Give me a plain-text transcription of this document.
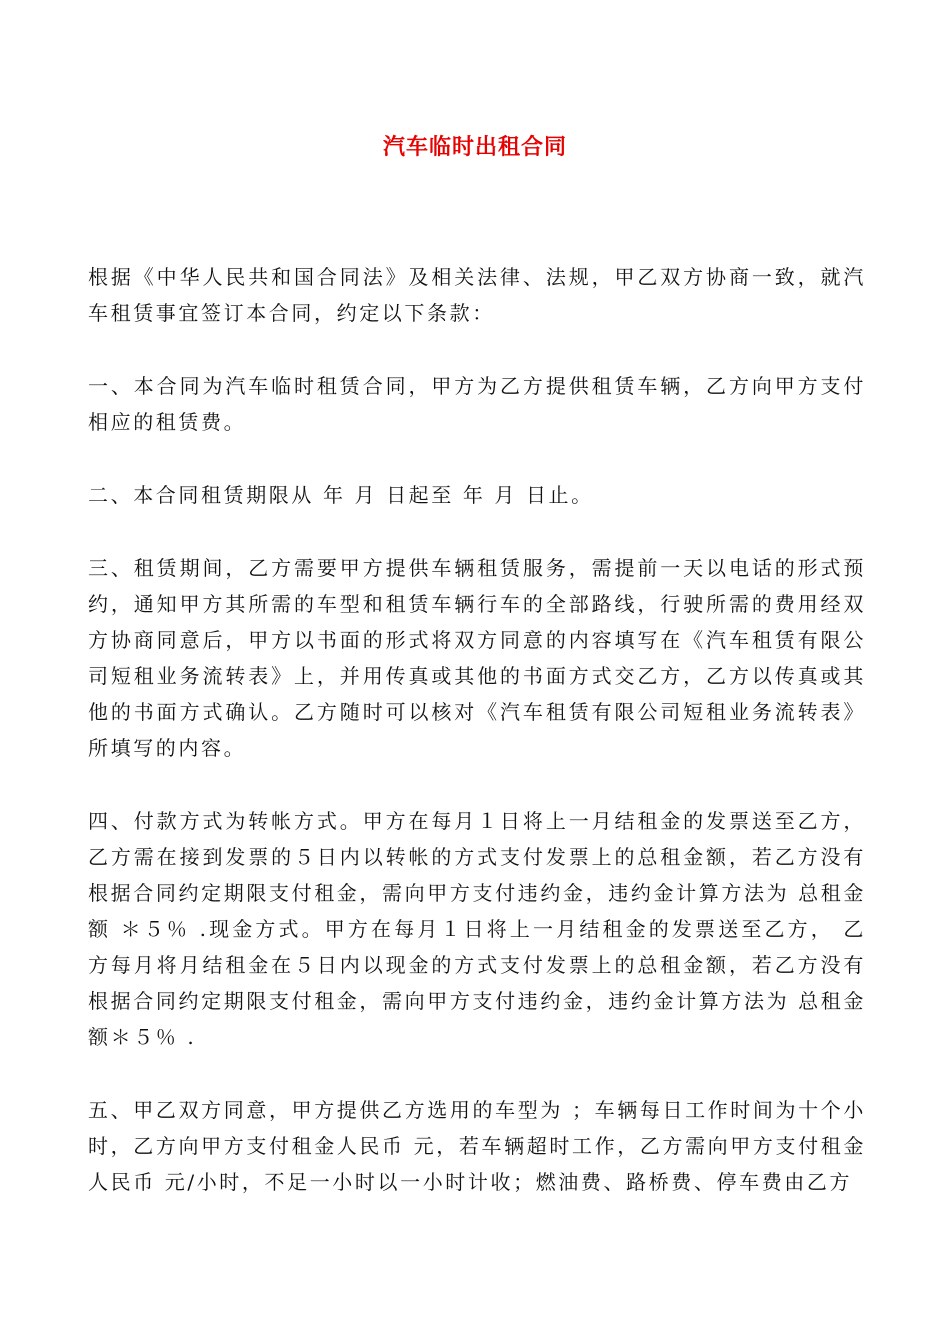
汽车临时出租合同

根据《中华人民共和国合同法》及相关法律、法规，甲乙双方协商一致，就汽车租赁事宜签订本合同，约定以下条款：

一、本合同为汽车临时租赁合同，甲方为乙方提供租赁车辆，乙方向甲方支付相应的租赁费。

二、本合同租赁期限从 年 月 日起至 年 月 日止。

三、租赁期间，乙方需要甲方提供车辆租赁服务，需提前一天以电话的形式预约，通知甲方其所需的车型和租赁车辆行车的全部路线，行驶所需的费用经双方协商同意后，甲方以书面的形式将双方同意的内容填写在《汽车租赁有限公司短租业务流转表》上，并用传真或其他的书面方式交乙方，乙方以传真或其他的书面方式确认。乙方随时可以核对《汽车租赁有限公司短租业务流转表》所填写的内容。

四、付款方式为转帐方式。甲方在每月１日将上一月结租金的发票送至乙方，乙方需在接到发票的５日内以转帐的方式支付发票上的总租金额，若乙方没有根据合同约定期限支付租金，需向甲方支付违约金，违约金计算方法为 总租金额 ＊５％ .现金方式。甲方在每月１日将上一月结租金的发票送至乙方， 乙方每月将月结租金在５日内以现金的方式支付发票上的总租金额，若乙方没有根据合同约定期限支付租金，需向甲方支付违约金，违约金计算方法为 总租金额＊５％ .

五、甲乙双方同意，甲方提供乙方选用的车型为 ；车辆每日工作时间为十个小时，乙方向甲方支付租金人民币 元，若车辆超时工作，乙方需向甲方支付租金人民币 元/小时，不足一小时以一小时计收；燃油费、路桥费、停车费由乙方
